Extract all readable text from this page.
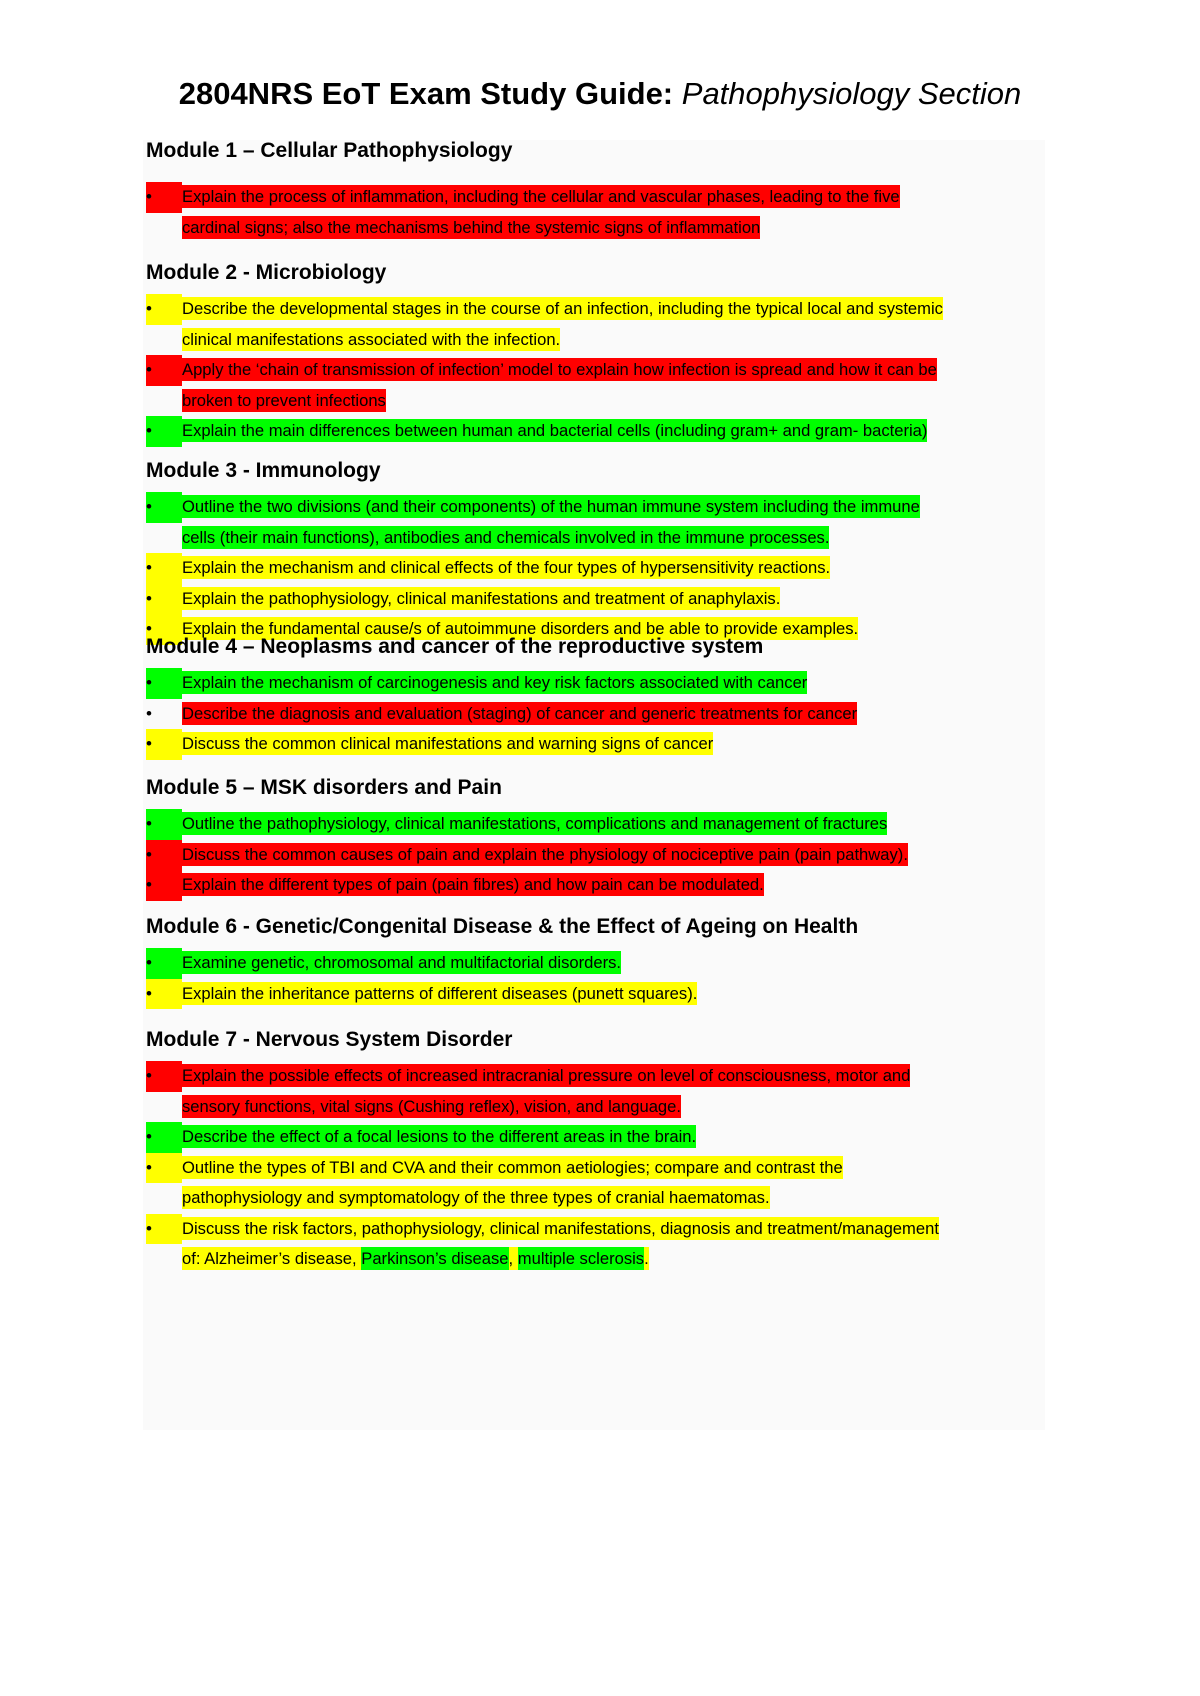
2804NRS EoT Exam Study Guide: Pathophysiology Section
Module 1 – Cellular Pathophysiology
•	Explain the process of inflammation, including the cellular and vascular phases, leading to the five
cardinal signs; also the mechanisms behind the systemic signs of inflammation
Module 2 - Microbiology
•	Describe the developmental stages in the course of an infection, including the typical local and systemic
clinical manifestations associated with the infection.
•	Apply the ‘chain of transmission of infection’ model to explain how infection is spread and how it can be
broken to prevent infections
•	Explain the main differences between human and bacterial cells (including gram+ and gram- bacteria)
Module 3 - Immunology
•	Outline the two divisions (and their components) of the human immune system including the immune
cells (their main functions), antibodies and chemicals involved in the immune processes.
•	Explain the mechanism and clinical effects of the four types of hypersensitivity reactions.
•	Explain the pathophysiology, clinical manifestations and treatment of anaphylaxis.
•	Explain the fundamental cause/s of autoimmune disorders and be able to provide examples.
Module 4 – Neoplasms and cancer of the reproductive system
•	Explain the mechanism of carcinogenesis and key risk factors associated with cancer
•	Describe the diagnosis and evaluation (staging) of cancer and generic treatments for cancer
•	Discuss the common clinical manifestations and warning signs of cancer
Module 5 – MSK disorders and Pain
•	Outline the pathophysiology, clinical manifestations, complications and management of fractures
•	Discuss the common causes of pain and explain the physiology of nociceptive pain (pain pathway).
•	Explain the different types of pain (pain fibres) and how pain can be modulated.
Module 6 - Genetic/Congenital Disease & the Effect of Ageing on Health
•	Examine genetic, chromosomal and multifactorial disorders.
•	Explain the inheritance patterns of different diseases (punett squares).
Module 7 - Nervous System Disorder
•	Explain the possible effects of increased intracranial pressure on level of consciousness, motor and
sensory functions, vital signs (Cushing reflex), vision, and language.
•	Describe the effect of a focal lesions to the different areas in the brain.
•	Outline the types of TBI and CVA and their common aetiologies; compare and contrast the
pathophysiology and symptomatology of the three types of cranial haematomas.
•	Discuss the risk factors, pathophysiology, clinical manifestations, diagnosis and treatment/management
of: Alzheimer’s disease, Parkinson’s disease, multiple sclerosis.
